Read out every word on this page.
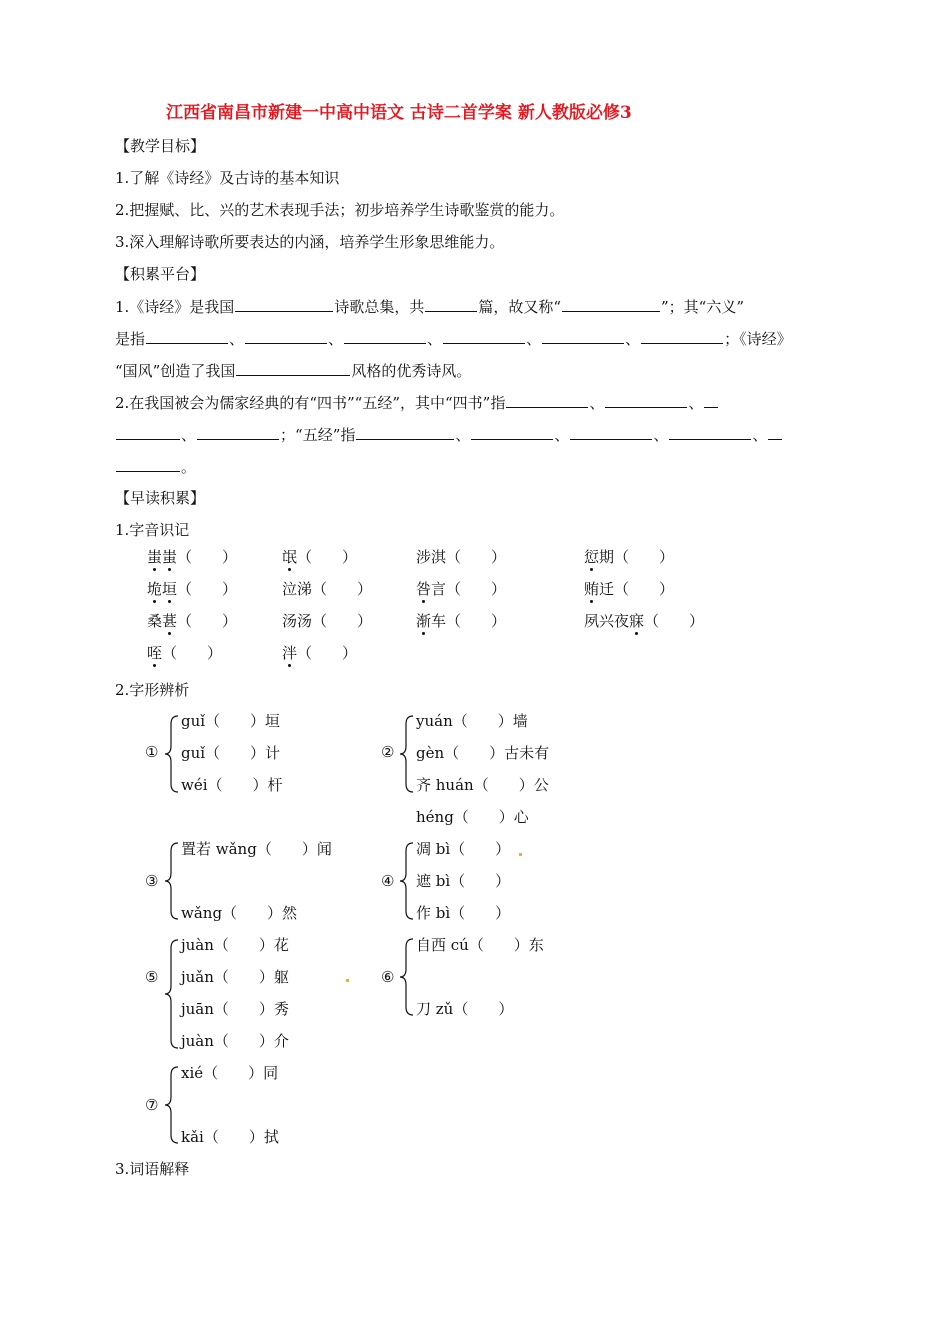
江西省南昌市新建一中高中语文 古诗二首学案 新人教版必修3
【教学目标】
1.了解《诗经》及古诗的基本知识
2.把握赋、比、兴的艺术表现手法；初步培养学生诗歌鉴赏的能力。
3.深入理解诗歌所要表达的内涵，培养学生形象思维能力。
【积累平台】
1.《诗经》是我国	诗歌总集，共	篇，故又称“	”；其“六义”
是指	、	、	、	、	、	；《诗经》
“国风”创造了我国	风格的优秀诗风。
2.在我国被会为儒家经典的有“四书”“五经”，其中“四书”指	、	、
、	；“五经”指	、	、	、	、
。
【早读积累】
1.字音识记
蚩蚩（　　）	氓（　　）	涉淇（　　）	愆期（　　）
垝垣（　　）	泣涕（　　）	咎言（　　）	贿迁（　　）
桑葚（　　）	汤汤（　　）	渐车（　　）	夙兴夜寐（　　）
咥（　　）	泮（　　）
2.字形辨析
①
guǐ（　　）垣
guǐ（　　）计
wéi（　　）杆
②
yuán（　　）墙
gèn（　　）古未有
齐 huán（　　）公
héng（　　）心
③
置若 wǎng（　　）闻
wǎng（　　）然
④
凋 bì（　　）
遮 bì（　　）
作 bì（　　）
⑤
juàn（　　）花
juǎn（　　）躯
juān（　　）秀
juàn（　　）介
⑥
自西 cú（　　）东
刀 zǔ（　　）
⑦
xié（　　）同
kǎi（　　）拭
3.词语解释
